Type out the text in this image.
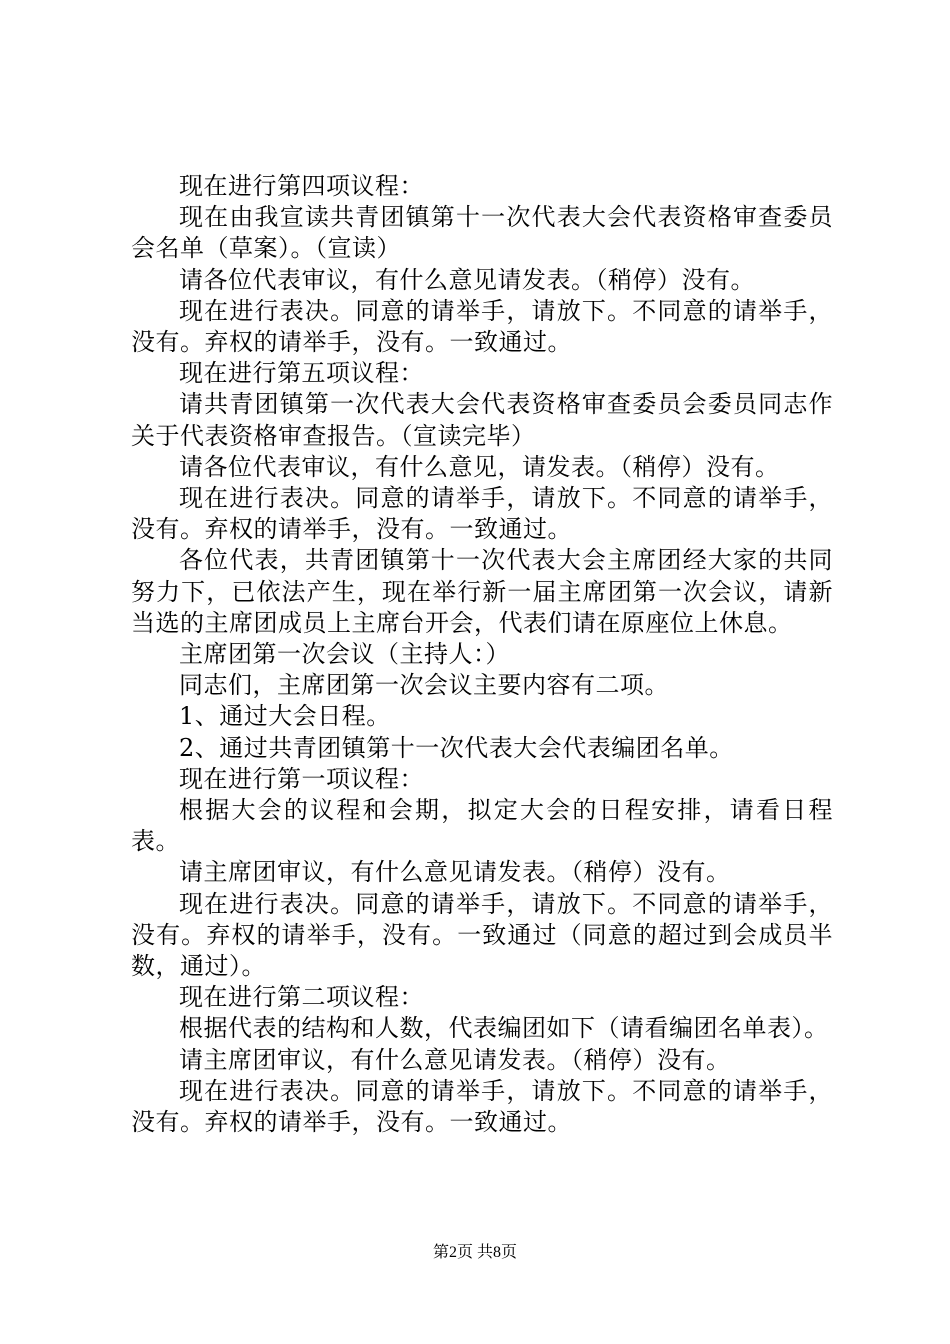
现在进行第四项议程：

现在由我宣读共青团镇第十一次代表大会代表资格审查委员会名单（草案）。（宣读）

请各位代表审议，有什么意见请发表。（稍停）没有。

现在进行表决。同意的请举手，请放下。不同意的请举手，没有。弃权的请举手，没有。一致通过。

现在进行第五项议程：

请共青团镇第一次代表大会代表资格审查委员会委员同志作关于代表资格审查报告。（宣读完毕）

请各位代表审议，有什么意见，请发表。（稍停）没有。

现在进行表决。同意的请举手，请放下。不同意的请举手，没有。弃权的请举手，没有。一致通过。

各位代表，共青团镇第十一次代表大会主席团经大家的共同努力下，已依法产生，现在举行新一届主席团第一次会议，请新当选的主席团成员上主席台开会，代表们请在原座位上休息。

主席团第一次会议（主持人：）

同志们，主席团第一次会议主要内容有二项。

1、通过大会日程。

2、通过共青团镇第十一次代表大会代表编团名单。

现在进行第一项议程：

根据大会的议程和会期，拟定大会的日程安排，请看日程表。

请主席团审议，有什么意见请发表。（稍停）没有。

现在进行表决。同意的请举手，请放下。不同意的请举手，没有。弃权的请举手，没有。一致通过（同意的超过到会成员半数，通过）。

现在进行第二项议程：

根据代表的结构和人数，代表编团如下（请看编团名单表）。

请主席团审议，有什么意见请发表。（稍停）没有。

现在进行表决。同意的请举手，请放下。不同意的请举手，没有。弃权的请举手，没有。一致通过。

第2页 共8页
